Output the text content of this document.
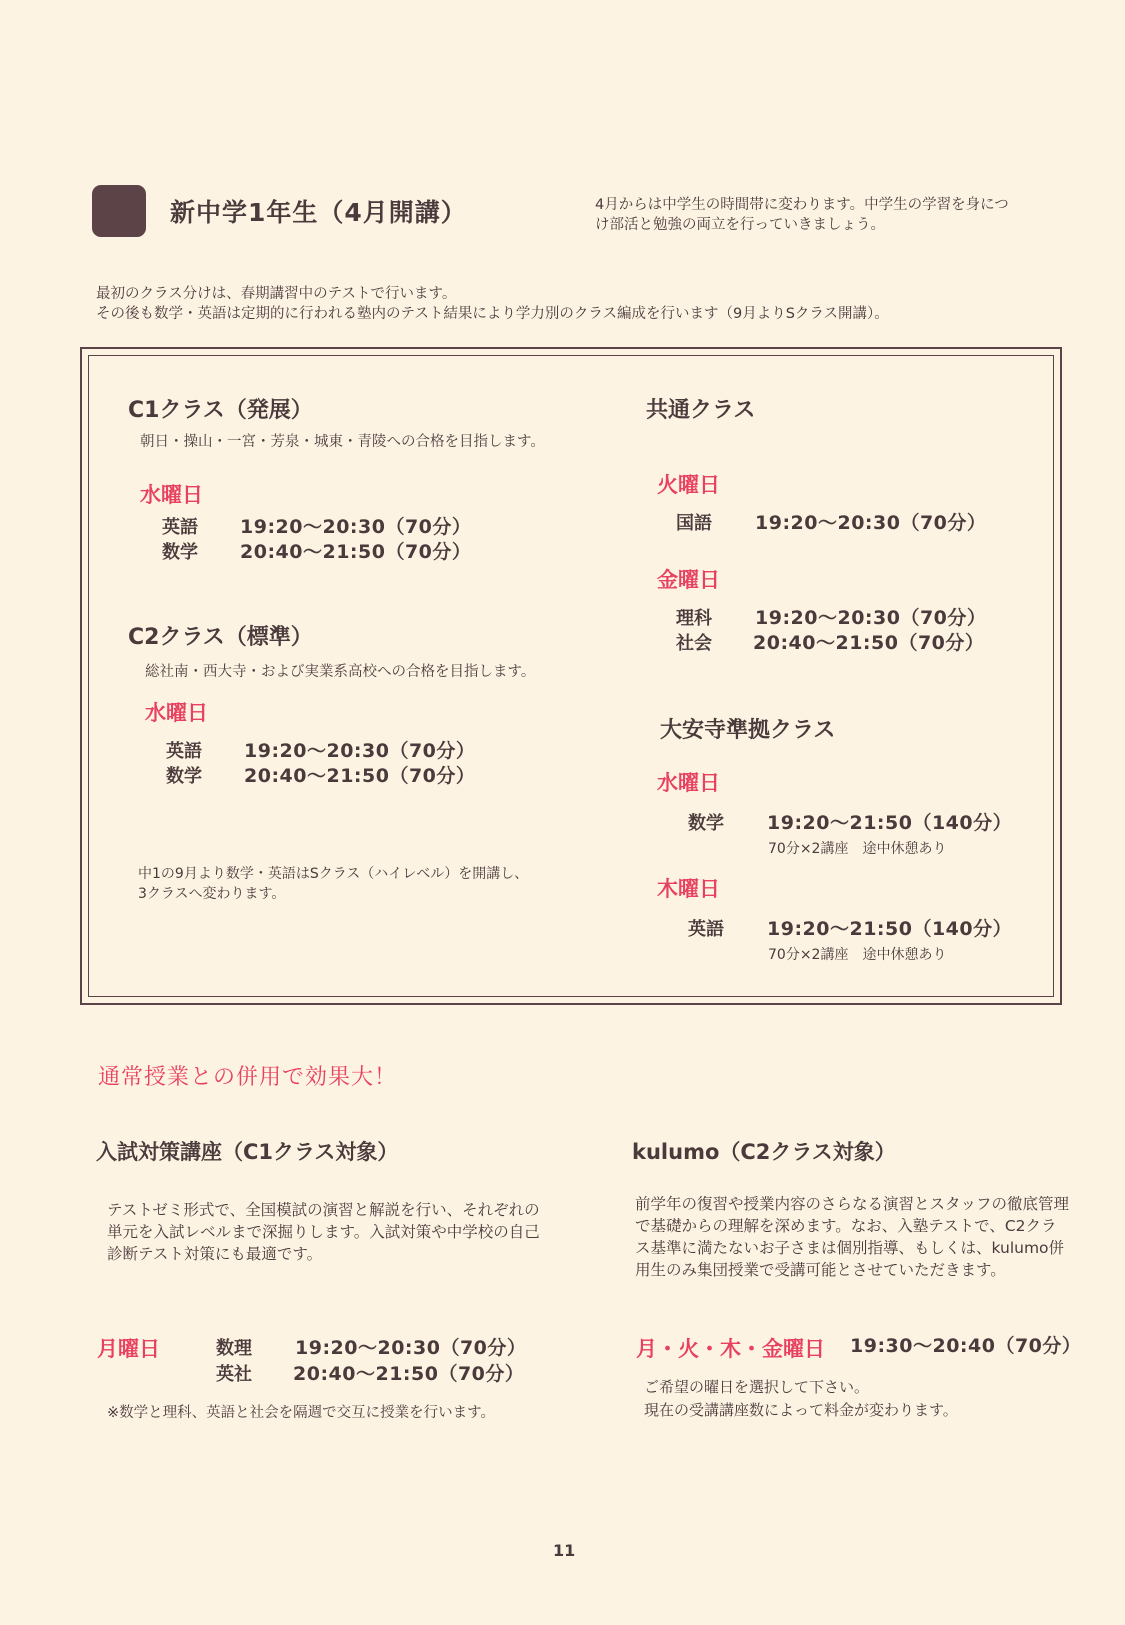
新中学1年生（4月開講）	4月からは中学生の時間帯に変わります。中学生の学習を身につ
け部活と勉強の両立を行っていきましょう。
最初のクラス分けは、春期講習中のテストで行います。
その後も数学・英語は定期的に行われる塾内のテスト結果により学力別のクラス編成を行います（9月よりSクラス開講）。
C1クラス（発展）
朝日・操山・一宮・芳泉・城東・青陵への合格を目指します。
水曜日
英語 19:20〜20:30（70分）
数学 20:40〜21:50（70分）
C2クラス（標準）
総社南・西大寺・および実業系高校への合格を目指します。
水曜日
英語 19:20〜20:30（70分）
数学 20:40〜21:50（70分）
中1の9月より数学・英語はSクラス（ハイレベル）を開講し、
3クラスへ変わります。
共通クラス
火曜日
国語 19:20〜20:30（70分）
金曜日
理科 19:20〜20:30（70分）
社会 20:40〜21:50（70分）
大安寺準拠クラス
水曜日
数学 19:20〜21:50（140分）
70分×2講座　途中休憩あり
木曜日
英語 19:20〜21:50（140分）
70分×2講座　途中休憩あり
通常授業との併用で効果大！
入試対策講座（C1クラス対象）
テストゼミ形式で、全国模試の演習と解説を行い、それぞれの単元を入試レベルまで深掘りします。入試対策や中学校の自己診断テスト対策にも最適です。
月曜日	数理 19:20〜20:30（70分）
英社 20:40〜21:50（70分）
※数学と理科、英語と社会を隔週で交互に授業を行います。
kulumo（C2クラス対象）
前学年の復習や授業内容のさらなる演習とスタッフの徹底管理で基礎からの理解を深めます。なお、入塾テストで、C2クラス基準に満たないお子さまは個別指導、もしくは、kulumo併用生のみ集団授業で受講可能とさせていただきます。
月・火・木・金曜日 19:30〜20:40（70分）
ご希望の曜日を選択して下さい。
現在の受講講座数によって料金が変わります。
11
